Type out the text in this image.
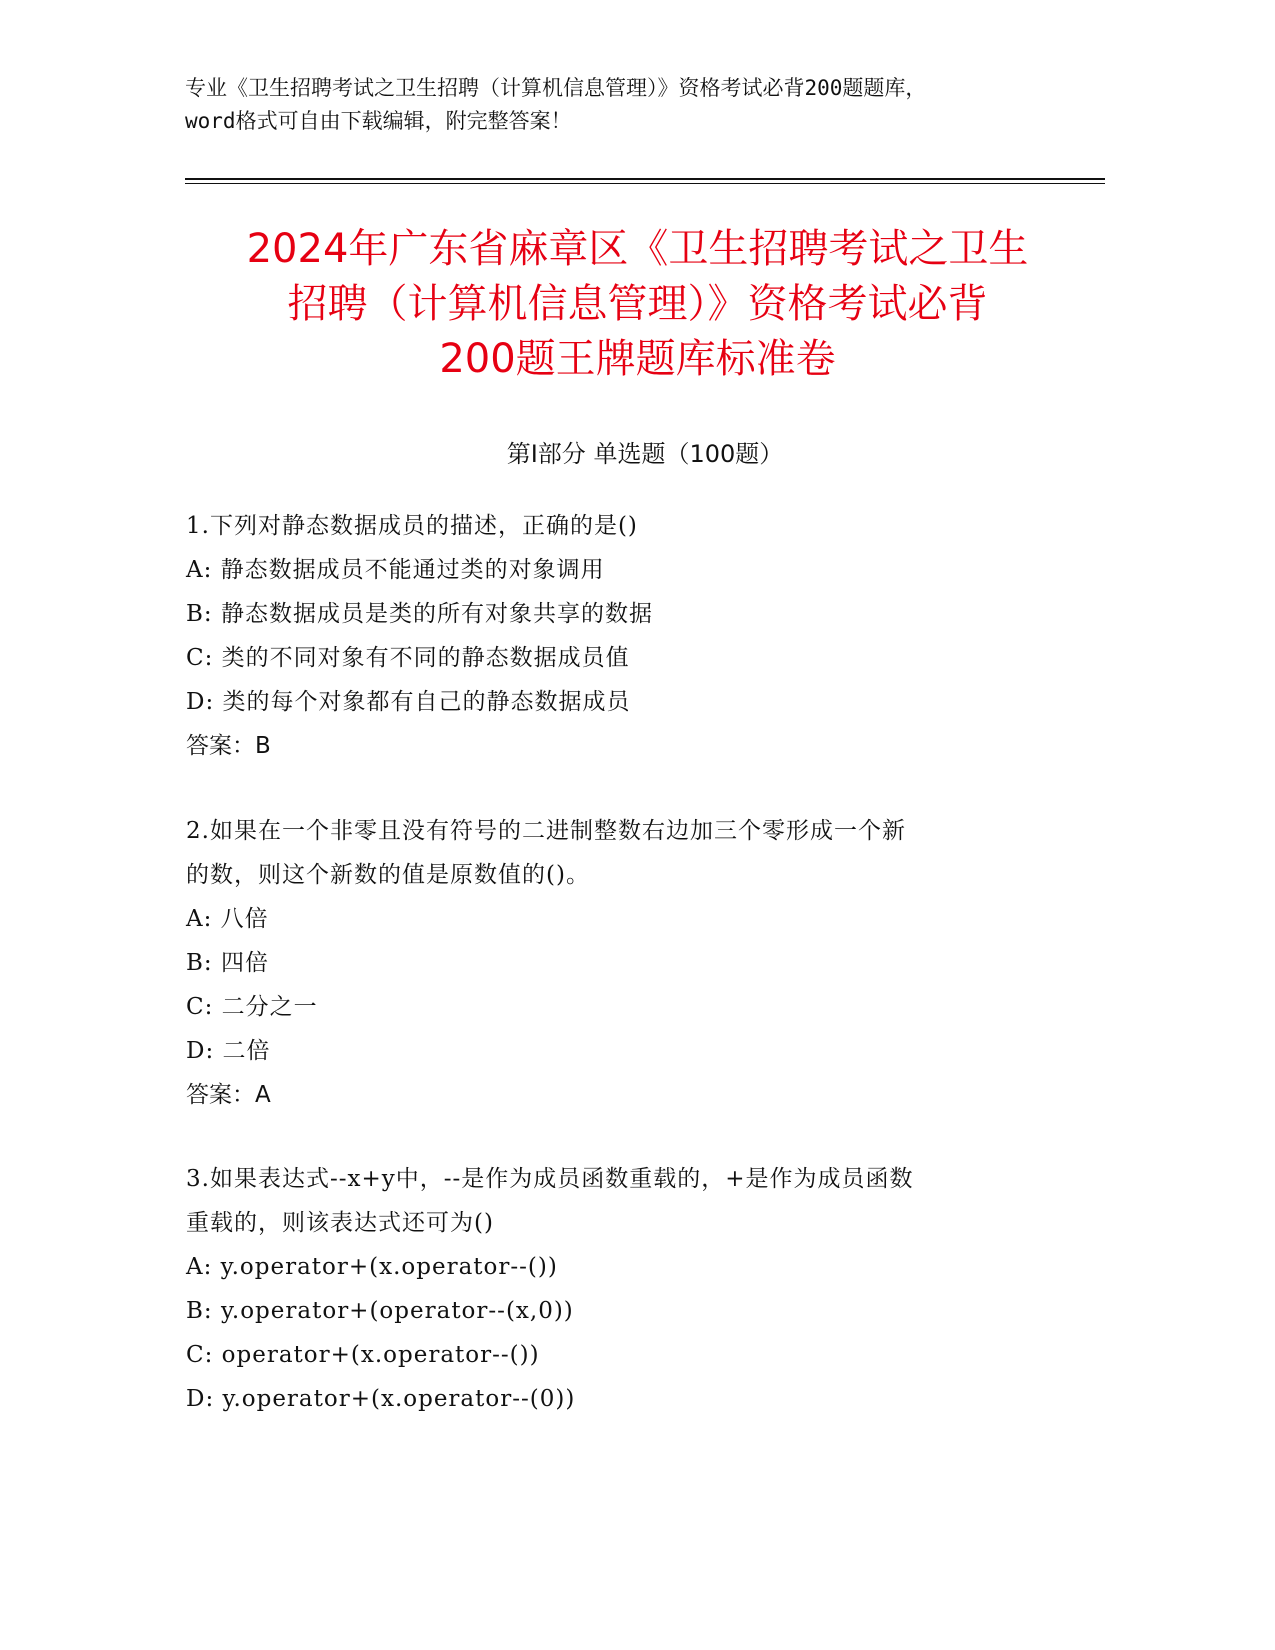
专业《卫生招聘考试之卫生招聘（计算机信息管理）》资格考试必背200题题库，
word格式可自由下载编辑，附完整答案！
2024年广东省麻章区《卫生招聘考试之卫生
招聘（计算机信息管理）》资格考试必背
200题王牌题库标准卷
第Ⅰ部分 单选题（100题）
1.下列对静态数据成员的描述，正确的是()
A: 静态数据成员不能通过类的对象调用
B: 静态数据成员是类的所有对象共享的数据
C: 类的不同对象有不同的静态数据成员值
D: 类的每个对象都有自己的静态数据成员
答案：B
2.如果在一个非零且没有符号的二进制整数右边加三个零形成一个新
的数，则这个新数的值是原数值的()。
A: 八倍
B: 四倍
C: 二分之一
D: 二倍
答案：A
3.如果表达式--x+y中，--是作为成员函数重载的，+是作为成员函数
重载的，则该表达式还可为()
A: y.operator+(x.operator--())
B: y.operator+(operator--(x,0))
C: operator+(x.operator--())
D: y.operator+(x.operator--(0))
